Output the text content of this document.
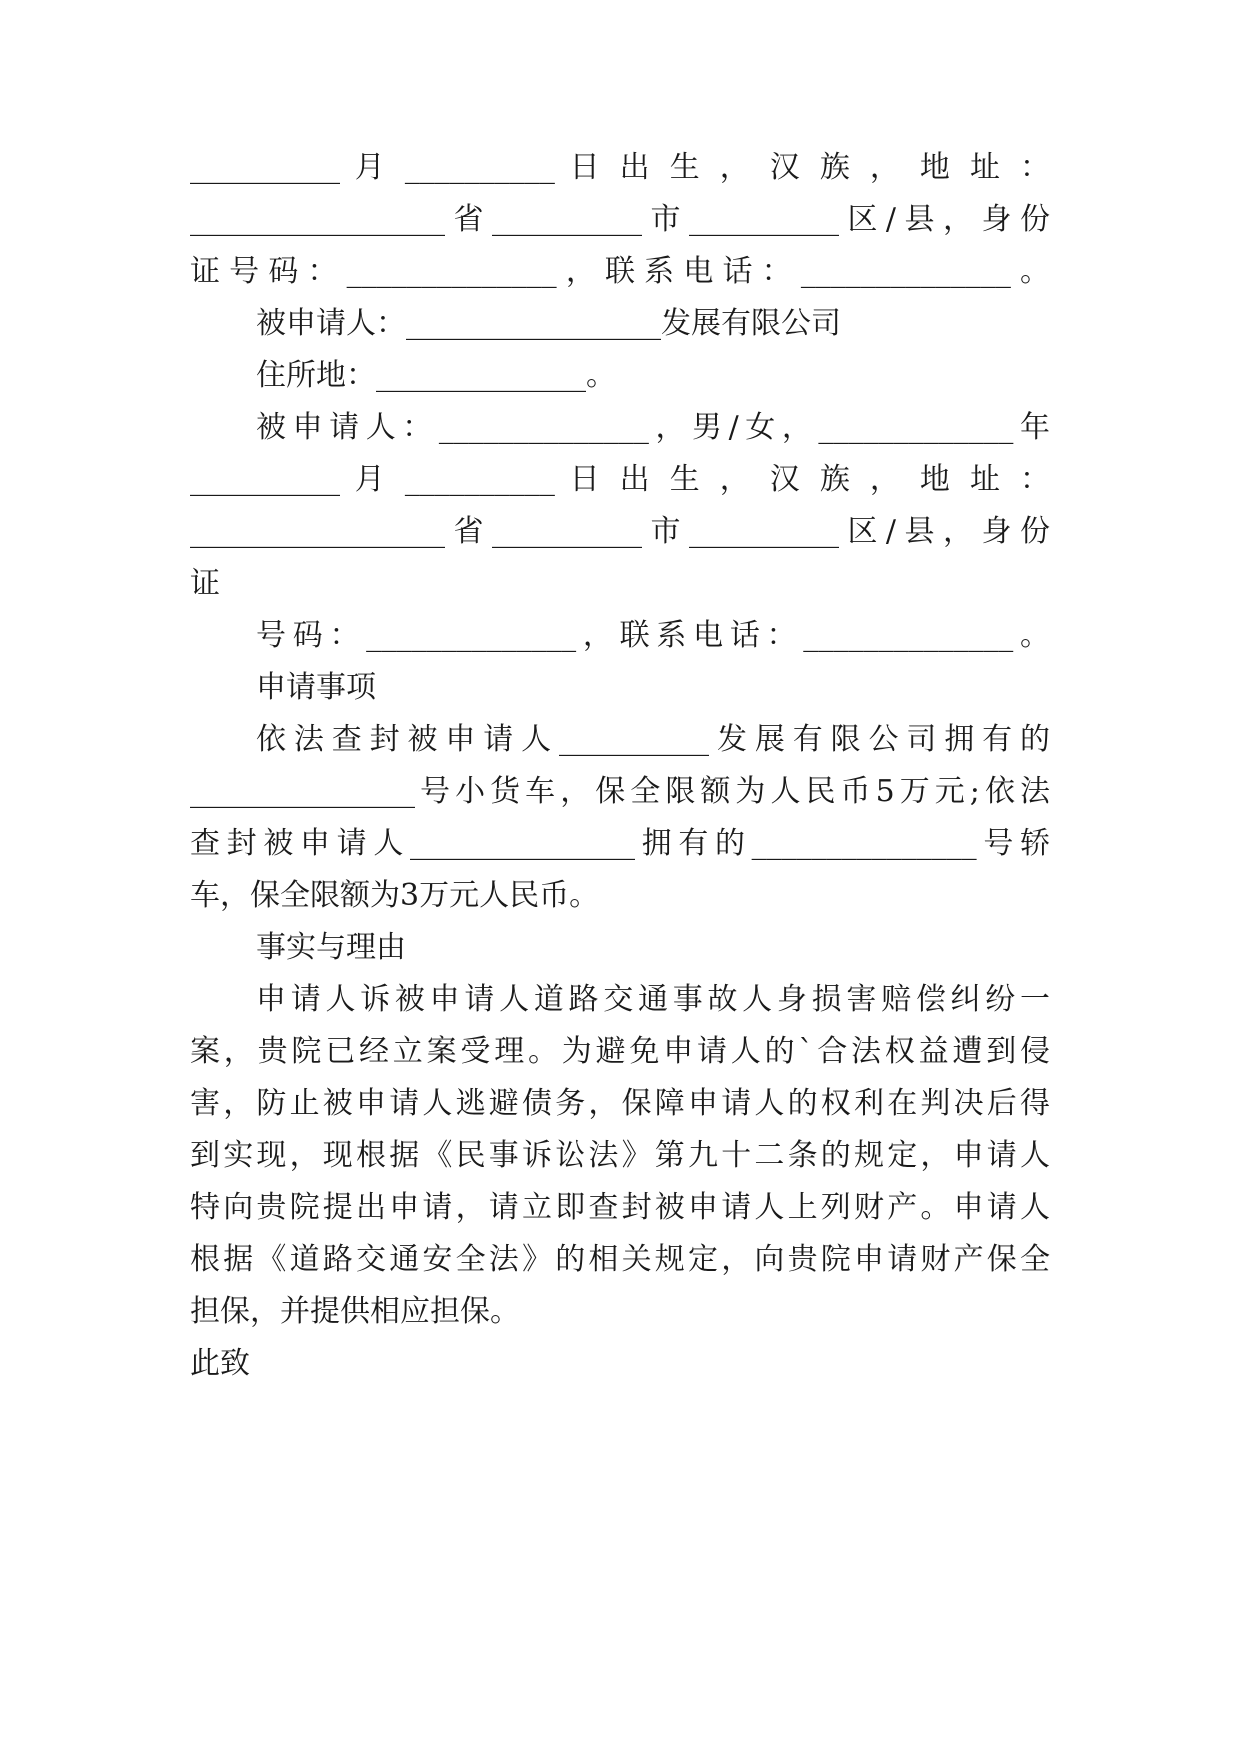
__________ 月 __________ 日 出 生 ， 汉 族 ， 地 址 ：
_________________省__________市__________区/县，身份
证号码：______________，联系电话：______________。
被申请人：_________________发展有限公司
住所地：______________。
被申请人：______________，男/女，_____________年
__________ 月 __________ 日 出 生 ， 汉 族 ， 地 址 ：
_________________省__________市__________区/县，身份
证
号码：______________，联系电话：______________。
申请事项
依法查封被申请人__________发展有限公司拥有的
_______________号小货车，保全限额为人民币5万元;依法
查封被申请人_______________拥有的_______________号轿
车，保全限额为3万元人民币。
事实与理由
申请人诉被申请人道路交通事故人身损害赔偿纠纷一
案，贵院已经立案受理。为避免申请人的`合法权益遭到侵
害，防止被申请人逃避债务，保障申请人的权利在判决后得
到实现，现根据《民事诉讼法》第九十二条的规定，申请人
特向贵院提出申请，请立即查封被申请人上列财产。申请人
根据《道路交通安全法》的相关规定，向贵院申请财产保全
担保，并提供相应担保。
此致
